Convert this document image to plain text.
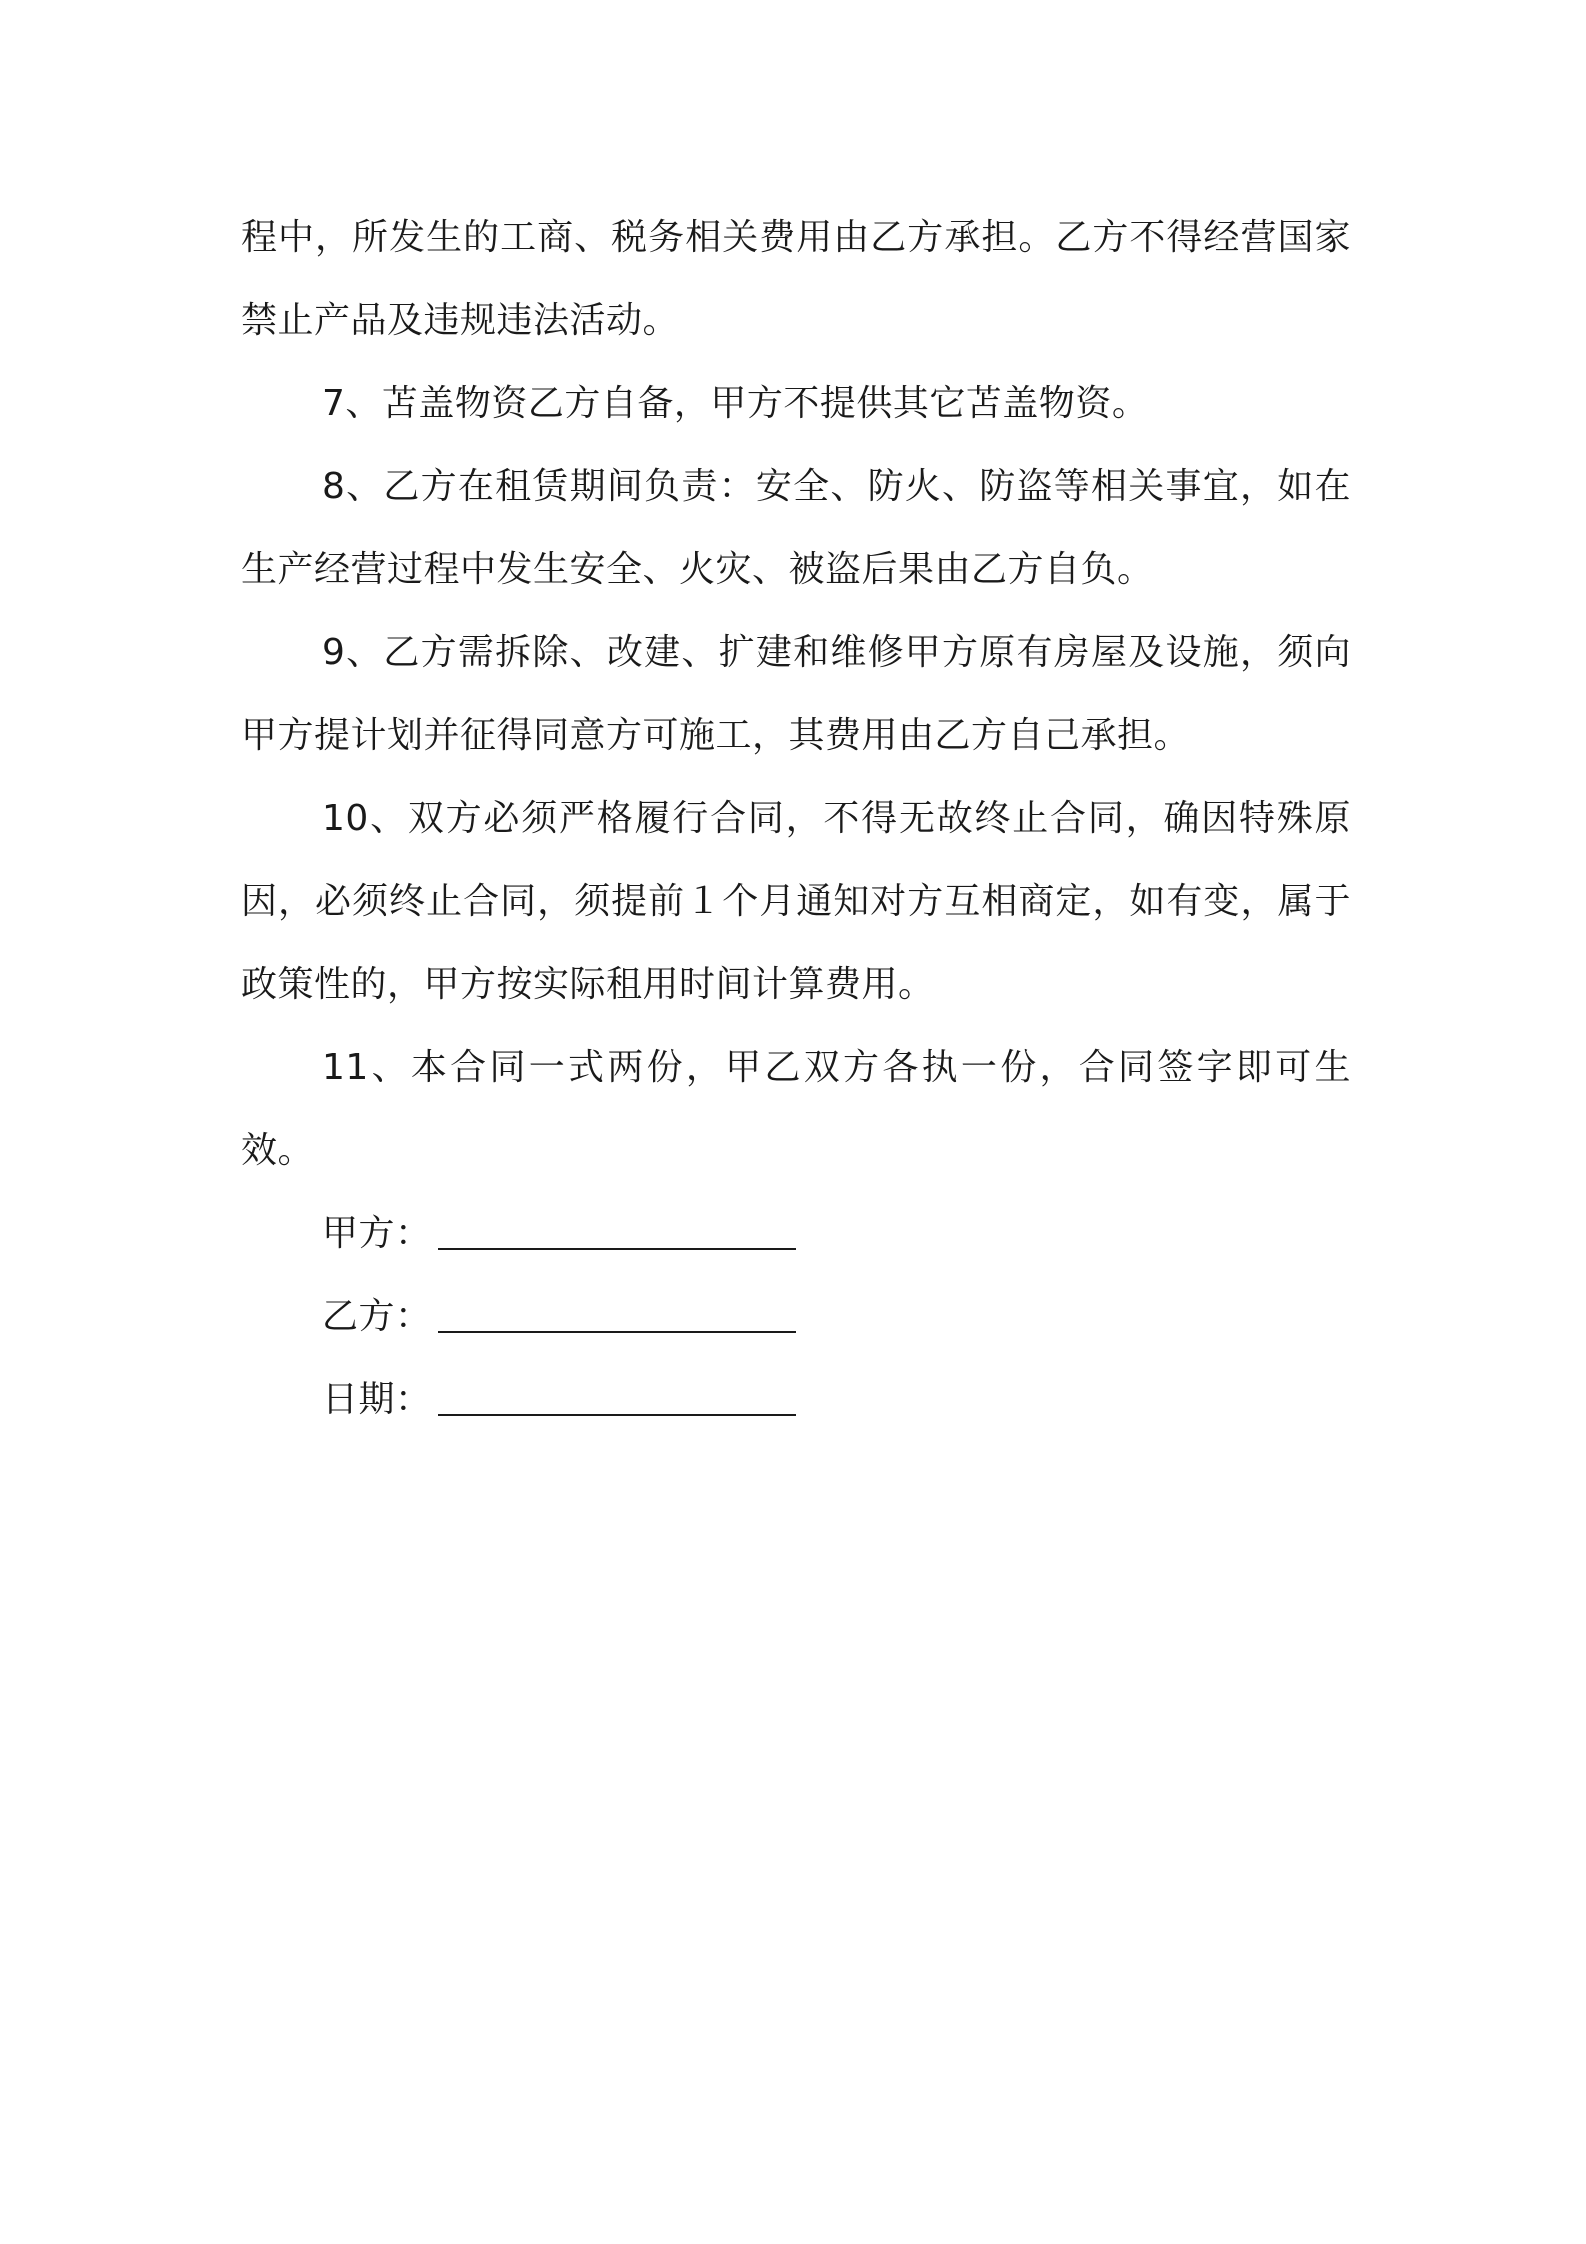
程中，所发生的工商、税务相关费用由乙方承担。乙方不得经营国家禁止产品及违规违法活动。

7、苫盖物资乙方自备，甲方不提供其它苫盖物资。

8、乙方在租赁期间负责：安全、防火、防盗等相关事宜，如在生产经营过程中发生安全、火灾、被盗后果由乙方自负。

9、乙方需拆除、改建、扩建和维修甲方原有房屋及设施，须向甲方提计划并征得同意方可施工，其费用由乙方自己承担。

10、双方必须严格履行合同，不得无故终止合同，确因特殊原因，必须终止合同，须提前１个月通知对方互相商定，如有变，属于政策性的，甲方按实际租用时间计算费用。

11、本合同一式两份，甲乙双方各执一份，合同签字即可生效。

甲方：
乙方：
日期：
